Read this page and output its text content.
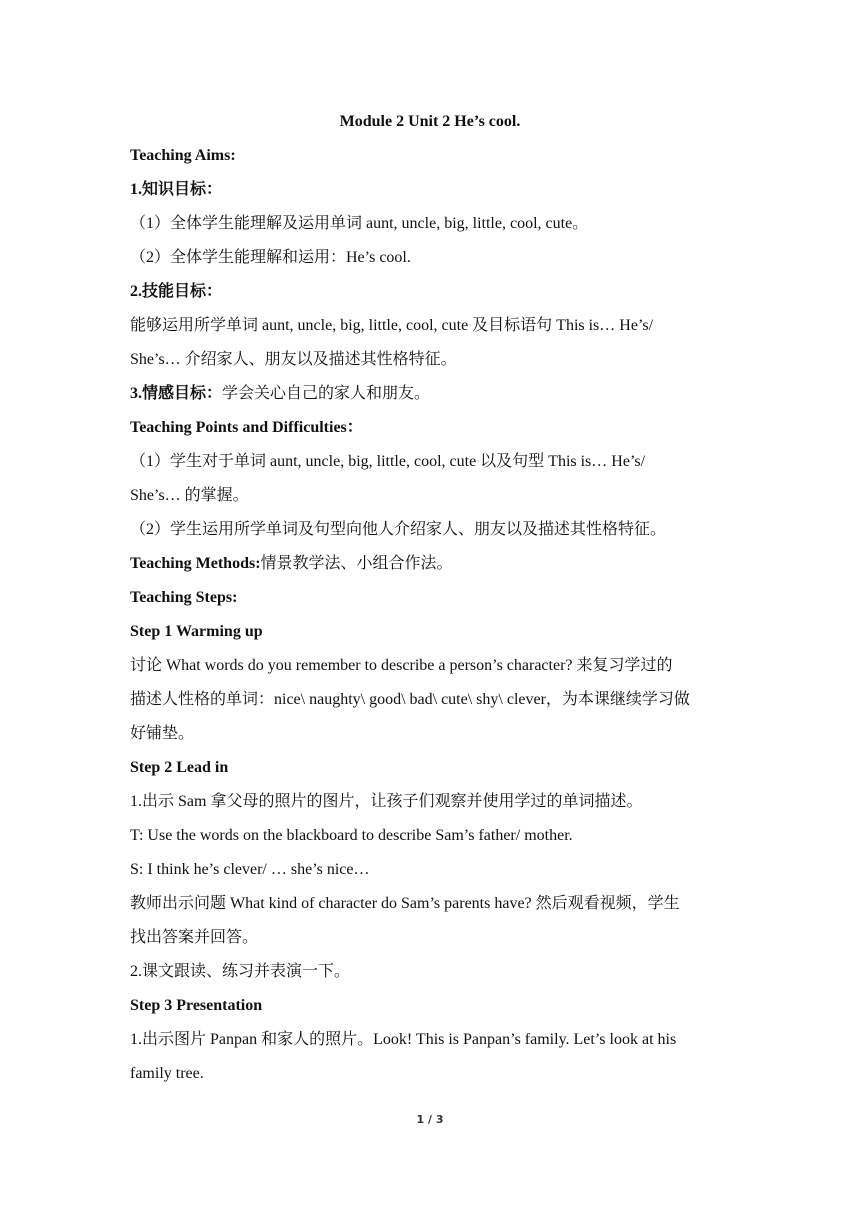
Module 2 Unit 2 He’s cool.
Teaching Aims:
1.知识目标：
（1）全体学生能理解及运用单词 aunt, uncle, big, little, cool, cute。
（2）全体学生能理解和运用：He’s cool.
2.技能目标：
能够运用所学单词 aunt, uncle, big, little, cool, cute 及目标语句 This is… He’s/
She’s… 介绍家人、朋友以及描述其性格特征。
3.情感目标：学会关心自己的家人和朋友。
Teaching Points and Difficulties：
（1）学生对于单词 aunt, uncle, big, little, cool, cute 以及句型 This is… He’s/
She’s… 的掌握。
（2）学生运用所学单词及句型向他人介绍家人、朋友以及描述其性格特征。
Teaching Methods:情景教学法、小组合作法。
Teaching Steps:
Step 1 Warming up
讨论 What words do you remember to describe a person’s character? 来复习学过的
描述人性格的单词：nice\ naughty\ good\ bad\ cute\ shy\ clever，为本课继续学习做
好铺垫。
Step 2 Lead in
1.出示 Sam 拿父母的照片的图片，让孩子们观察并使用学过的单词描述。
T: Use the words on the blackboard to describe Sam’s father/ mother.
S: I think he’s clever/ … she’s nice…
教师出示问题 What kind of character do Sam’s parents have? 然后观看视频，学生
找出答案并回答。
2.课文跟读、练习并表演一下。
Step 3 Presentation
1.出示图片 Panpan 和家人的照片。Look! This is Panpan’s family. Let’s look at his
family tree.
1 / 3
